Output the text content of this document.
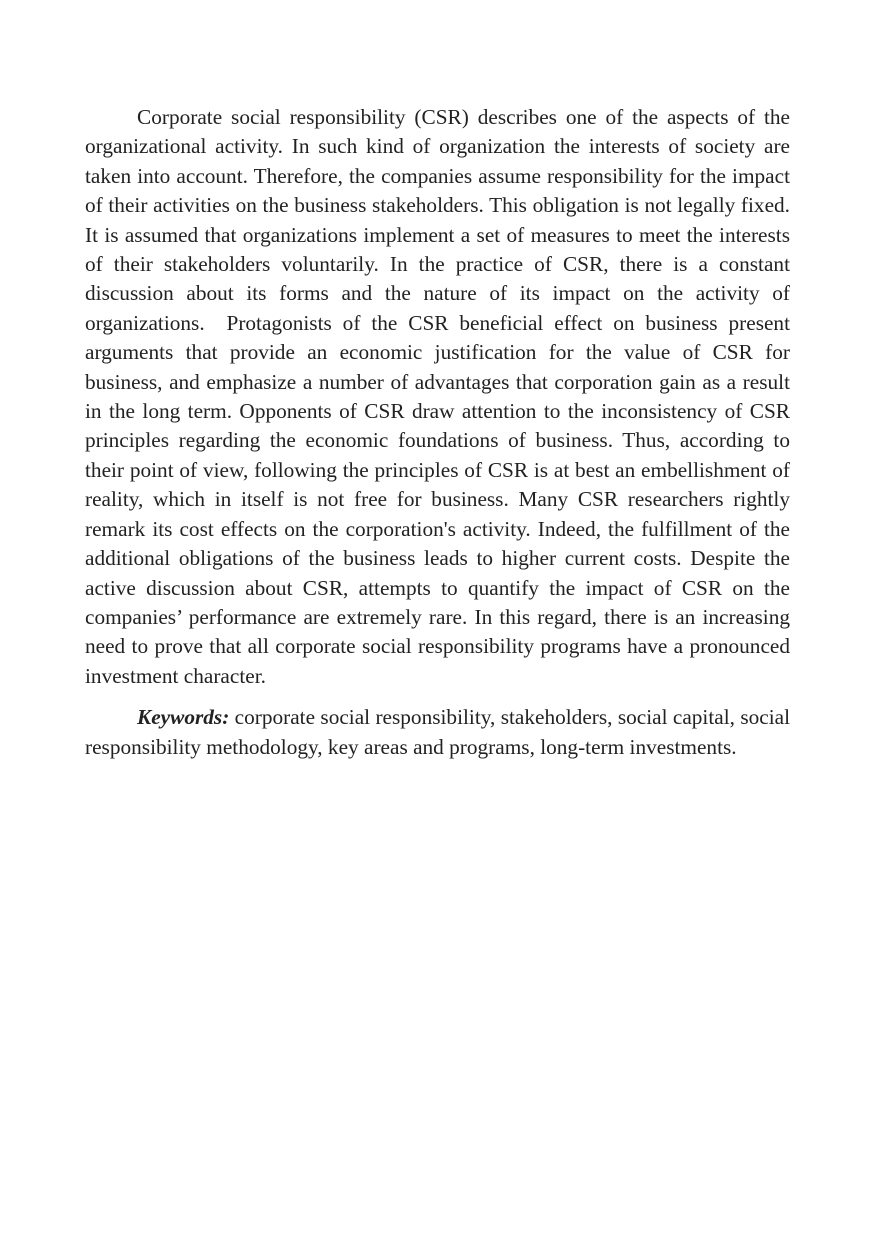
Corporate social responsibility (CSR) describes one of the aspects of the organizational activity. In such kind of organization the interests of society are taken into account. Therefore, the companies assume responsibility for the impact of their activities on the business stakeholders. This obligation is not legally fixed. It is assumed that organizations implement a set of measures to meet the interests of their stakeholders voluntarily. In the practice of CSR, there is a constant discussion about its forms and the nature of its impact on the activity of organizations.  Protagonists of the CSR beneficial effect on business present arguments that provide an economic justification for the value of CSR for business, and emphasize a number of advantages that corporation gain as a result in the long term. Opponents of CSR draw attention to the inconsistency of CSR principles regarding the economic foundations of business. Thus, according to their point of view, following the principles of CSR is at best an embellishment of reality, which in itself is not free for business. Many CSR researchers rightly remark its cost effects on the corporation's activity. Indeed, the fulfillment of the additional obligations of the business leads to higher current costs. Despite the active discussion about CSR, attempts to quantify the impact of CSR on the companies’ performance are extremely rare. In this regard, there is an increasing need to prove that all corporate social responsibility programs have a pronounced investment character.

Keywords: corporate social responsibility, stakeholders, social capital, social responsibility methodology, key areas and programs, long-term investments.
